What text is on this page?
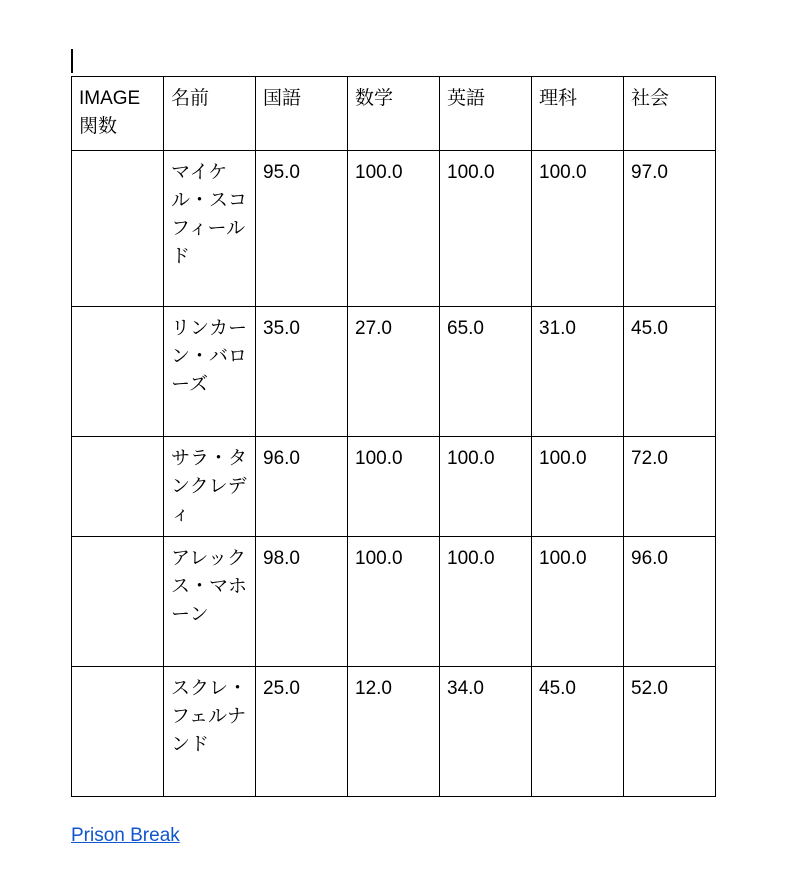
IMAGE関数	名前	国語	数学	英語	理科	社会
	マイケル・スコフィールド	95.0	100.0	100.0	100.0	97.0
	リンカーン・バローズ	35.0	27.0	65.0	31.0	45.0
	サラ・タンクレディ	96.0	100.0	100.0	100.0	72.0
	アレックス・マホーン	98.0	100.0	100.0	100.0	96.0
	スクレ・フェルナンド	25.0	12.0	34.0	45.0	52.0
Prison Break
